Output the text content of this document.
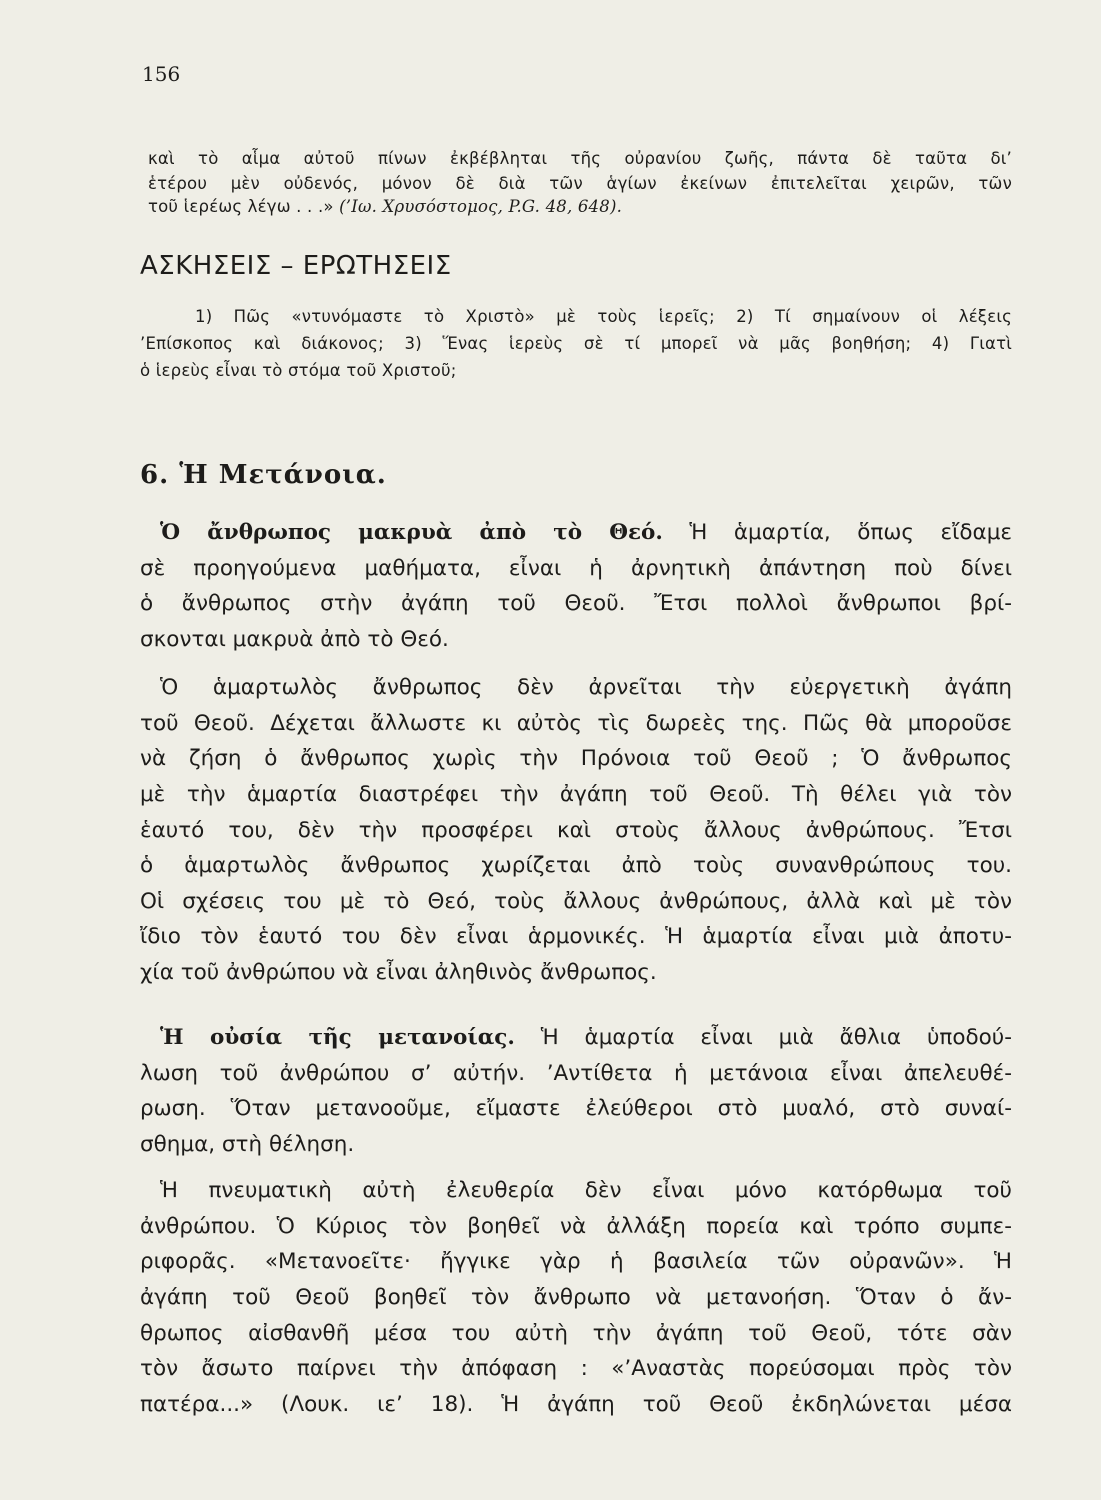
156
καὶ τὸ αἷμα αὐτοῦ πίνων ἐκβέβληται τῆς οὐρανίου ζωῆς, πάντα δὲ ταῦτα δι’
ἑτέρου μὲν οὐδενός, μόνον δὲ διὰ τῶν ἁγίων ἐκείνων ἐπιτελεῖται χειρῶν, τῶν
τοῦ ἱερέως λέγω . . .» (’Ιω. Χρυσόστομος, P.G. 48, 648).
ΑΣΚΗΣΕΙΣ – ΕΡΩΤΗΣΕΙΣ
1) Πῶς «ντυνόμαστε τὸ Χριστὸ» μὲ τοὺς ἱερεῖς; 2) Τί σημαίνουν οἱ λέξεις
’Επίσκοπος καὶ διάκονος; 3) Ἕνας ἱερεὺς σὲ τί μπορεῖ νὰ μᾶς βοηθήση; 4) Γιατὶ
ὁ ἱερεὺς εἶναι τὸ στόμα τοῦ Χριστοῦ;
6. Ἡ Μετάνοια.
Ὁ ἄνθρωπος μακρυὰ ἀπὸ τὸ Θεό. Ἡ ἁμαρτία, ὅπως εἴδαμε
σὲ προηγούμενα μαθήματα, εἶναι ἡ ἀρνητικὴ ἀπάντηση ποὺ δίνει
ὁ ἄνθρωπος στὴν ἀγάπη τοῦ Θεοῦ. Ἔτσι πολλοὶ ἄνθρωποι βρί-
σκονται μακρυὰ ἀπὸ τὸ Θεό.
Ὁ ἁμαρτωλὸς ἄνθρωπος δὲν ἀρνεῖται τὴν εὐεργετικὴ ἀγάπη
τοῦ Θεοῦ. Δέχεται ἄλλωστε κι αὐτὸς τὶς δωρεὲς της. Πῶς θὰ μποροῦσε
νὰ ζήση ὁ ἄνθρωπος χωρὶς τὴν Πρόνοια τοῦ Θεοῦ ; Ὁ ἄνθρωπος
μὲ τὴν ἁμαρτία διαστρέφει τὴν ἀγάπη τοῦ Θεοῦ. Τὴ θέλει γιὰ τὸν
ἑαυτό του, δὲν τὴν προσφέρει καὶ στοὺς ἄλλους ἀνθρώπους. Ἔτσι
ὁ ἁμαρτωλὸς ἄνθρωπος χωρίζεται ἀπὸ τοὺς συνανθρώπους του.
Οἱ σχέσεις του μὲ τὸ Θεό, τοὺς ἄλλους ἀνθρώπους, ἀλλὰ καὶ μὲ τὸν
ἴδιο τὸν ἑαυτό του δὲν εἶναι ἁρμονικές. Ἡ ἁμαρτία εἶναι μιὰ ἀποτυ-
χία τοῦ ἀνθρώπου νὰ εἶναι ἀληθινὸς ἄνθρωπος.
Ἡ οὐσία τῆς μετανοίας. Ἡ ἁμαρτία εἶναι μιὰ ἄθλια ὑποδού-
λωση τοῦ ἀνθρώπου σ’ αὐτήν. ’Αντίθετα ἡ μετάνοια εἶναι ἀπελευθέ-
ρωση. Ὅταν μετανοοῦμε, εἴμαστε ἐλεύθεροι στὸ μυαλό, στὸ συναί-
σθημα, στὴ θέληση.
Ἡ πνευματικὴ αὐτὴ ἐλευθερία δὲν εἶναι μόνο κατόρθωμα τοῦ
ἀνθρώπου. Ὁ Κύριος τὸν βοηθεῖ νὰ ἀλλάξη πορεία καὶ τρόπο συμπε-
ριφορᾶς. «Μετανοεῖτε· ἤγγικε γὰρ ἡ βασιλεία τῶν οὐρανῶν». Ἡ
ἀγάπη τοῦ Θεοῦ βοηθεῖ τὸν ἄνθρωπο νὰ μετανοήση. Ὅταν ὁ ἄν-
θρωπος αἰσθανθῆ μέσα του αὐτὴ τὴν ἀγάπη τοῦ Θεοῦ, τότε σὰν
τὸν ἄσωτο παίρνει τὴν ἀπόφαση : «’Αναστὰς πορεύσομαι πρὸς τὸν
πατέρα...» (Λουκ. ιε’ 18). Ἡ ἀγάπη τοῦ Θεοῦ ἐκδηλώνεται μέσα
